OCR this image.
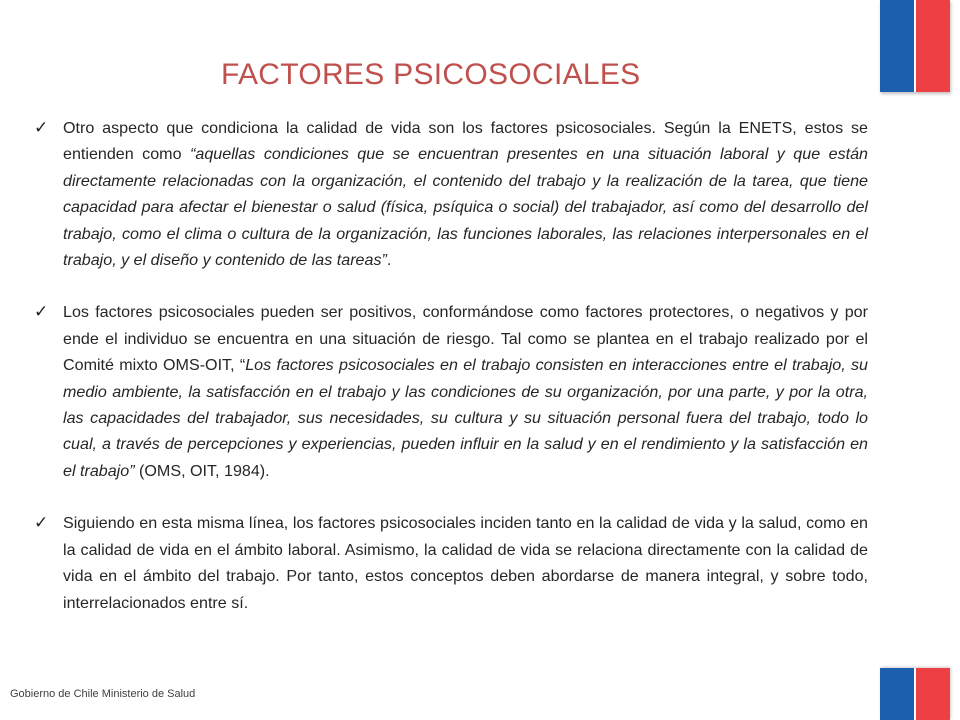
FACTORES PSICOSOCIALES

✓ Otro aspecto que condiciona la calidad de vida son los factores psicosociales. Según la ENETS, estos se entienden como “aquellas condiciones que se encuentran presentes en una situación laboral y que están directamente relacionadas con la organización, el contenido del trabajo y la realización de la tarea, que tiene capacidad para afectar el bienestar o salud (física, psíquica o social) del trabajador, así como del desarrollo del trabajo, como el clima o cultura de la organización, las funciones laborales, las relaciones interpersonales en el trabajo, y el diseño y contenido de las tareas”.

✓ Los factores psicosociales pueden ser positivos, conformándose como factores protectores, o negativos y por ende el individuo se encuentra en una situación de riesgo. Tal como se plantea en el trabajo realizado por el Comité mixto OMS-OIT, “Los factores psicosociales en el trabajo consisten en interacciones entre el trabajo, su medio ambiente, la satisfacción en el trabajo y las condiciones de su organización, por una parte, y por la otra, las capacidades del trabajador, sus necesidades, su cultura y su situación personal fuera del trabajo, todo lo cual, a través de percepciones y experiencias, pueden influir en la salud y en el rendimiento y la satisfacción en el trabajo” (OMS, OIT, 1984).

✓ Siguiendo en esta misma línea, los factores psicosociales inciden tanto en la calidad de vida y la salud, como en la calidad de vida en el ámbito laboral. Asimismo, la calidad de vida se relaciona directamente con la calidad de vida en el ámbito del trabajo. Por tanto, estos conceptos deben abordarse de manera integral, y sobre todo, interrelacionados entre sí.

Gobierno de Chile Ministerio de Salud
